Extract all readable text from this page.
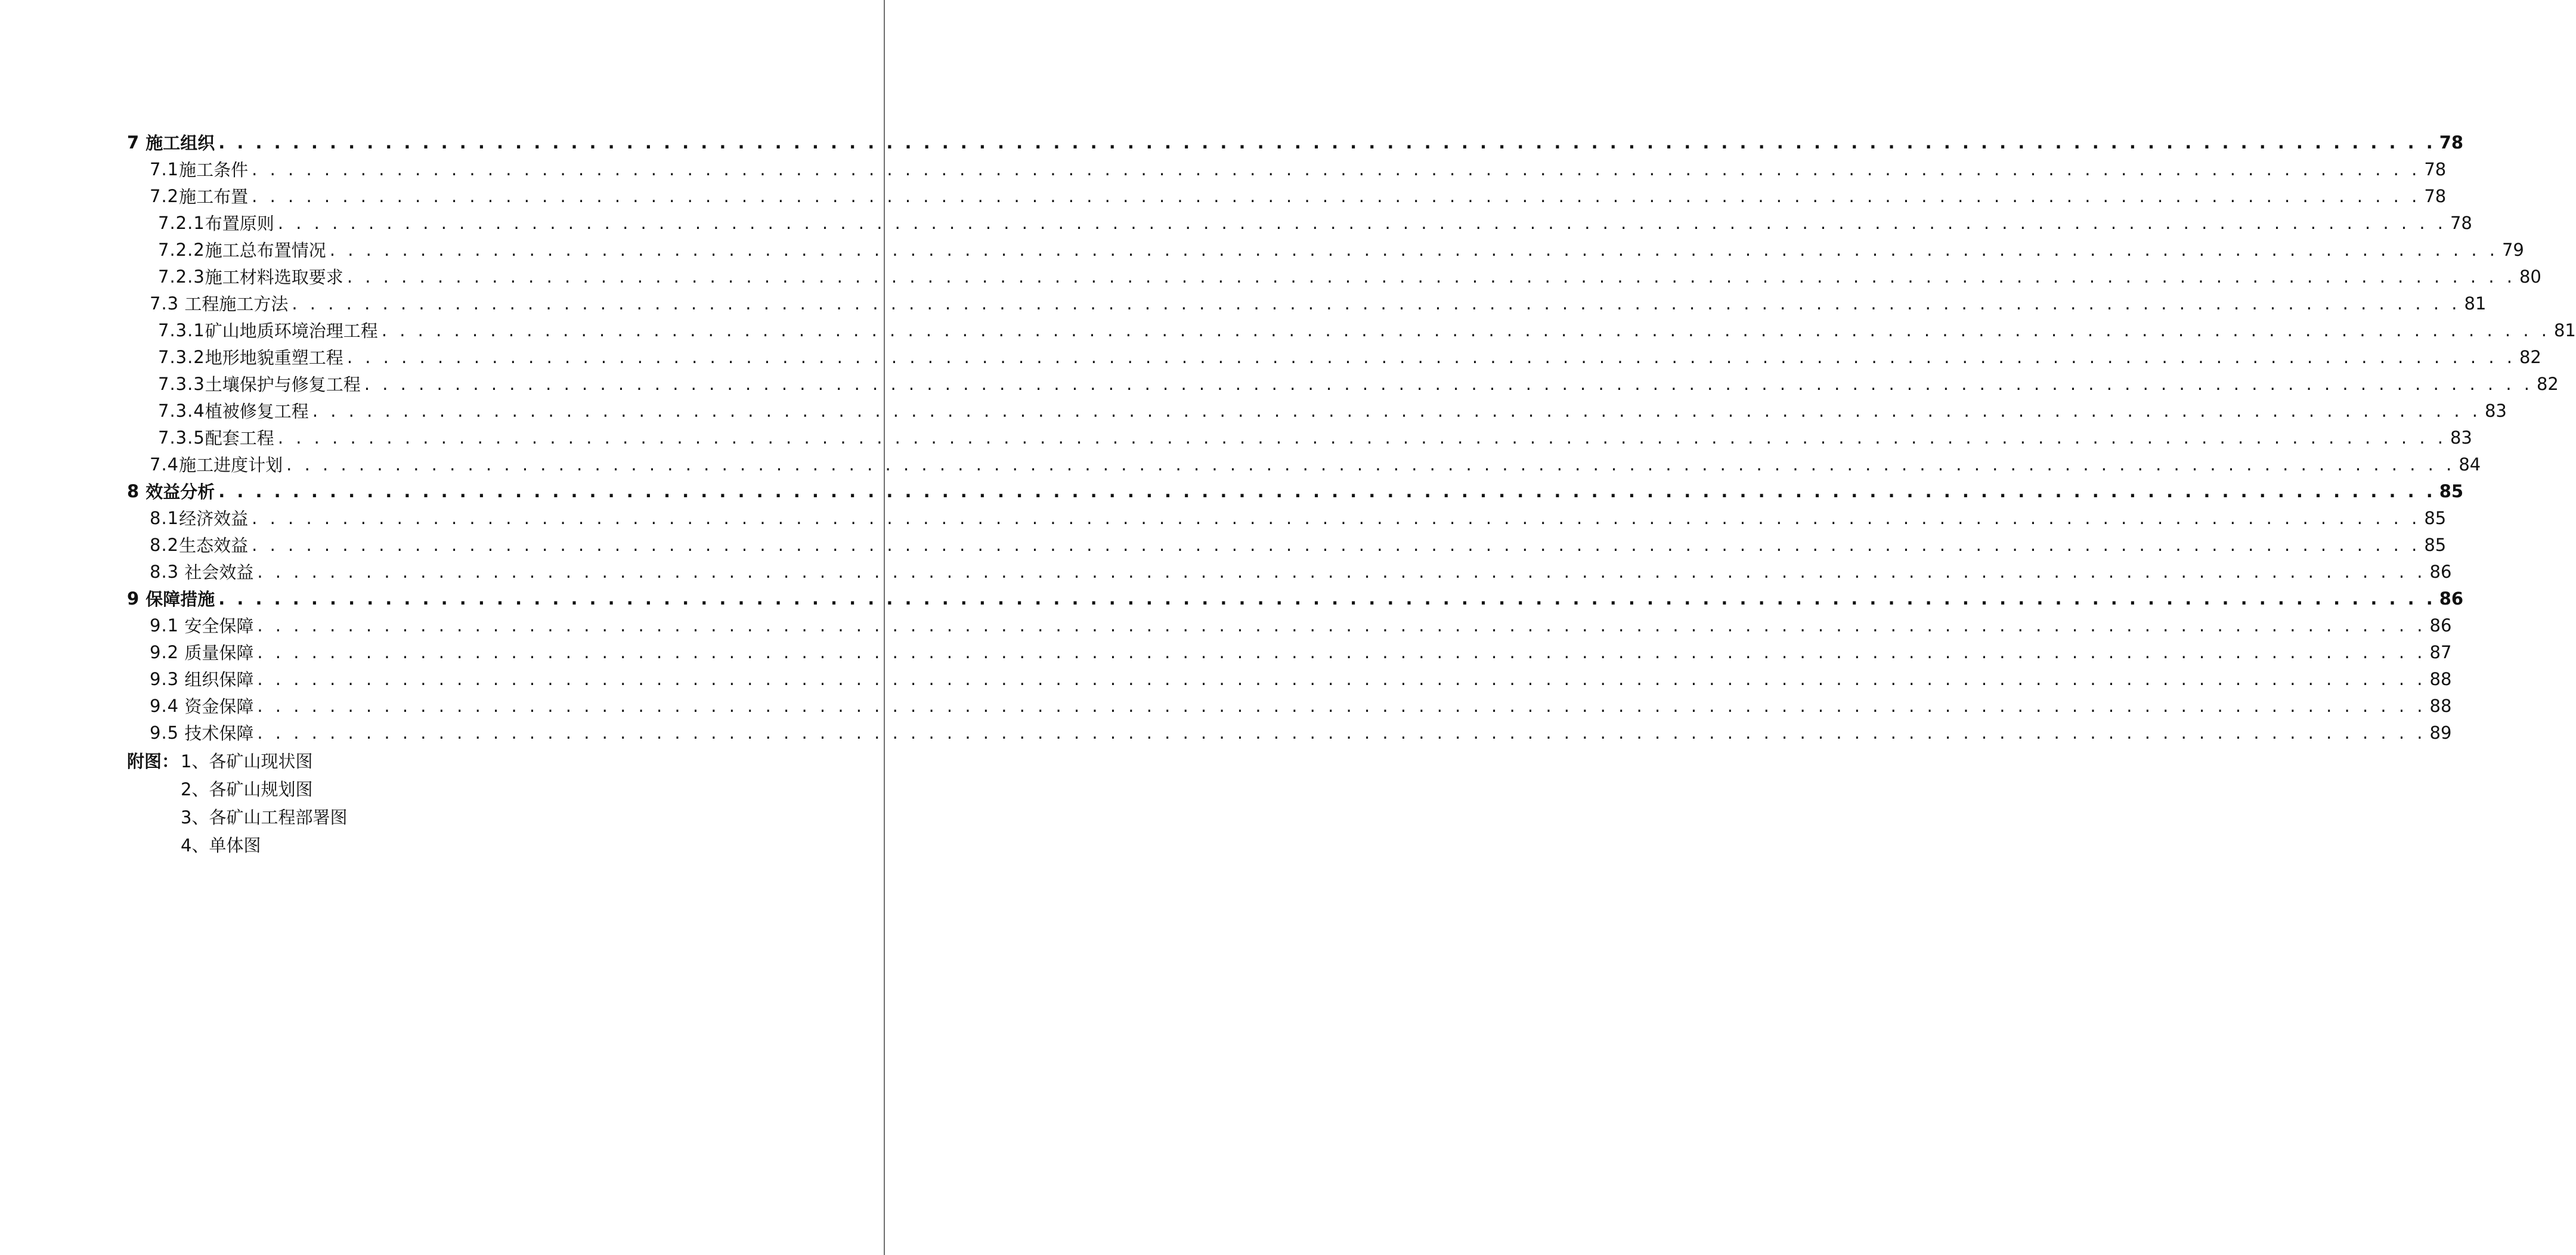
7 施工组织 . . . . . . . . . . . . . . . . . . . . . . . . . . . . . . . . . . . . . . . . . . . . . . . . . . . . . . . . . . . . . . . . . . . . . . . . . . . . . . . . . . . . . . . . . . . . . . . . . . . . . . . . . . . . . . . . . . . . . . . . 78
7.1 施工条件 . . . . . . . . . . . . . . . . . . . . . . . . . . . . . . . . . . . . . . . . . . . . . . . . . . . . . . . . . . . . . . . . . . . . . . . . . . . . . . . . . . . . . . . . . . . . . . . . . . . . . . . . . . . . . . . . . . . . . . . . 78
7.2 施工布置 . . . . . . . . . . . . . . . . . . . . . . . . . . . . . . . . . . . . . . . . . . . . . . . . . . . . . . . . . . . . . . . . . . . . . . . . . . . . . . . . . . . . . . . . . . . . . . . . . . . . . . . . . . . . . . . . . . . . . . . . 78
7.2.1 布置原则 . . . . . . . . . . . . . . . . . . . . . . . . . . . . . . . . . . . . . . . . . . . . . . . . . . . . . . . . . . . . . . . . . . . . . . . . . . . . . . . . . . . . . . . . . . . . . . . . . . . . . . . . . . . . . . . . . . . . . . . . 78
7.2.2 施工总布置情况 . . . . . . . . . . . . . . . . . . . . . . . . . . . . . . . . . . . . . . . . . . . . . . . . . . . . . . . . . . . . . . . . . . . . . . . . . . . . . . . . . . . . . . . . . . . . . . . . . . . . . . . . . . . . . . . . . . . . . . . . 79
7.2.3 施工材料选取要求 . . . . . . . . . . . . . . . . . . . . . . . . . . . . . . . . . . . . . . . . . . . . . . . . . . . . . . . . . . . . . . . . . . . . . . . . . . . . . . . . . . . . . . . . . . . . . . . . . . . . . . . . . . . . . . . . . . . . . . . . 80
7.3 工程施工方法 . . . . . . . . . . . . . . . . . . . . . . . . . . . . . . . . . . . . . . . . . . . . . . . . . . . . . . . . . . . . . . . . . . . . . . . . . . . . . . . . . . . . . . . . . . . . . . . . . . . . . . . . . . . . . . . . . . . . . . . . 81
7.3.1 矿山地质环境治理工程 . . . . . . . . . . . . . . . . . . . . . . . . . . . . . . . . . . . . . . . . . . . . . . . . . . . . . . . . . . . . . . . . . . . . . . . . . . . . . . . . . . . . . . . . . . . . . . . . . . . . . . . . . . . . . . . . . . . . . . . . 81
7.3.2 地形地貌重塑工程 . . . . . . . . . . . . . . . . . . . . . . . . . . . . . . . . . . . . . . . . . . . . . . . . . . . . . . . . . . . . . . . . . . . . . . . . . . . . . . . . . . . . . . . . . . . . . . . . . . . . . . . . . . . . . . . . . . . . . . . . 82
7.3.3 土壤保护与修复工程 . . . . . . . . . . . . . . . . . . . . . . . . . . . . . . . . . . . . . . . . . . . . . . . . . . . . . . . . . . . . . . . . . . . . . . . . . . . . . . . . . . . . . . . . . . . . . . . . . . . . . . . . . . . . . . . . . . . . . . . . 82
7.3.4 植被修复工程 . . . . . . . . . . . . . . . . . . . . . . . . . . . . . . . . . . . . . . . . . . . . . . . . . . . . . . . . . . . . . . . . . . . . . . . . . . . . . . . . . . . . . . . . . . . . . . . . . . . . . . . . . . . . . . . . . . . . . . . . 83
7.3.5 配套工程 . . . . . . . . . . . . . . . . . . . . . . . . . . . . . . . . . . . . . . . . . . . . . . . . . . . . . . . . . . . . . . . . . . . . . . . . . . . . . . . . . . . . . . . . . . . . . . . . . . . . . . . . . . . . . . . . . . . . . . . . 83
7.4 施工进度计划 . . . . . . . . . . . . . . . . . . . . . . . . . . . . . . . . . . . . . . . . . . . . . . . . . . . . . . . . . . . . . . . . . . . . . . . . . . . . . . . . . . . . . . . . . . . . . . . . . . . . . . . . . . . . . . . . . . . . . . . . 84
8 效益分析 . . . . . . . . . . . . . . . . . . . . . . . . . . . . . . . . . . . . . . . . . . . . . . . . . . . . . . . . . . . . . . . . . . . . . . . . . . . . . . . . . . . . . . . . . . . . . . . . . . . . . . . . . . . . . . . . . . . . . . . . 85
8.1 经济效益 . . . . . . . . . . . . . . . . . . . . . . . . . . . . . . . . . . . . . . . . . . . . . . . . . . . . . . . . . . . . . . . . . . . . . . . . . . . . . . . . . . . . . . . . . . . . . . . . . . . . . . . . . . . . . . . . . . . . . . . . 85
8.2 生态效益 . . . . . . . . . . . . . . . . . . . . . . . . . . . . . . . . . . . . . . . . . . . . . . . . . . . . . . . . . . . . . . . . . . . . . . . . . . . . . . . . . . . . . . . . . . . . . . . . . . . . . . . . . . . . . . . . . . . . . . . . 85
8.3 社会效益 . . . . . . . . . . . . . . . . . . . . . . . . . . . . . . . . . . . . . . . . . . . . . . . . . . . . . . . . . . . . . . . . . . . . . . . . . . . . . . . . . . . . . . . . . . . . . . . . . . . . . . . . . . . . . . . . . . . . . . . . 86
9 保障措施 . . . . . . . . . . . . . . . . . . . . . . . . . . . . . . . . . . . . . . . . . . . . . . . . . . . . . . . . . . . . . . . . . . . . . . . . . . . . . . . . . . . . . . . . . . . . . . . . . . . . . . . . . . . . . . . . . . . . . . . . 86
9.1 安全保障 . . . . . . . . . . . . . . . . . . . . . . . . . . . . . . . . . . . . . . . . . . . . . . . . . . . . . . . . . . . . . . . . . . . . . . . . . . . . . . . . . . . . . . . . . . . . . . . . . . . . . . . . . . . . . . . . . . . . . . . . 86
9.2 质量保障 . . . . . . . . . . . . . . . . . . . . . . . . . . . . . . . . . . . . . . . . . . . . . . . . . . . . . . . . . . . . . . . . . . . . . . . . . . . . . . . . . . . . . . . . . . . . . . . . . . . . . . . . . . . . . . . . . . . . . . . . 87
9.3 组织保障 . . . . . . . . . . . . . . . . . . . . . . . . . . . . . . . . . . . . . . . . . . . . . . . . . . . . . . . . . . . . . . . . . . . . . . . . . . . . . . . . . . . . . . . . . . . . . . . . . . . . . . . . . . . . . . . . . . . . . . . . 88
9.4 资金保障 . . . . . . . . . . . . . . . . . . . . . . . . . . . . . . . . . . . . . . . . . . . . . . . . . . . . . . . . . . . . . . . . . . . . . . . . . . . . . . . . . . . . . . . . . . . . . . . . . . . . . . . . . . . . . . . . . . . . . . . . 88
9.5 技术保障 . . . . . . . . . . . . . . . . . . . . . . . . . . . . . . . . . . . . . . . . . . . . . . . . . . . . . . . . . . . . . . . . . . . . . . . . . . . . . . . . . . . . . . . . . . . . . . . . . . . . . . . . . . . . . . . . . . . . . . . . 89
附图： 1、各矿山现状图
2、各矿山规划图
3、各矿山工程部署图
4、单体图
